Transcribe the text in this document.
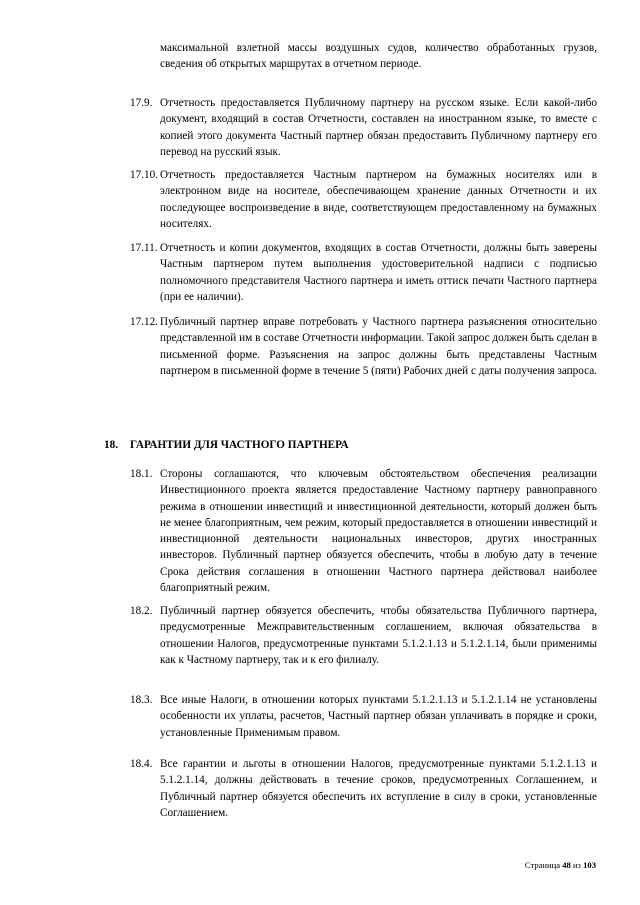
максимальной взлетной массы воздушных судов, количество обработанных грузов, сведения об открытых маршрутах в отчетном периоде.
17.9. Отчетность предоставляется Публичному партнеру на русском языке. Если какой-либо документ, входящий в состав Отчетности, составлен на иностранном языке, то вместе с копией этого документа Частный партнер обязан предоставить Публичному партнеру его перевод на русский язык.
17.10. Отчетность предоставляется Частным партнером на бумажных носителях или в электронном виде на носителе, обеспечивающем хранение данных Отчетности и их последующее воспроизведение в виде, соответствующем предоставленному на бумажных носителях.
17.11. Отчетность и копии документов, входящих в состав Отчетности, должны быть заверены Частным партнером путем выполнения удостоверительной надписи с подписью полномочного представителя Частного партнера и иметь оттиск печати Частного партнера (при ее наличии).
17.12. Публичный партнер вправе потребовать у Частного партнера разъяснения относительно представленной им в составе Отчетности информации. Такой запрос должен быть сделан в письменной форме. Разъяснения на запрос должны быть представлены Частным партнером в письменной форме в течение 5 (пяти) Рабочих дней с даты получения запроса.
18. ГАРАНТИИ ДЛЯ ЧАСТНОГО ПАРТНЕРА
18.1. Стороны соглашаются, что ключевым обстоятельством обеспечения реализации Инвестиционного проекта является предоставление Частному партнеру равноправного режима в отношении инвестиций и инвестиционной деятельности, который должен быть не менее благоприятным, чем режим, который предоставляется в отношении инвестиций и инвестиционной деятельности национальных инвесторов, других иностранных инвесторов. Публичный партнер обязуется обеспечить, чтобы в любую дату в течение Срока действия соглашения в отношении Частного партнера действовал наиболее благоприятный режим.
18.2. Публичный партнер обязуется обеспечить, чтобы обязательства Публичного партнера, предусмотренные Межправительственным соглашением, включая обязательства в отношении Налогов, предусмотренные пунктами 5.1.2.1.13 и 5.1.2.1.14, были применимы как к Частному партнеру, так и к его филиалу.
18.3. Все иные Налоги, в отношении которых пунктами 5.1.2.1.13 и 5.1.2.1.14 не установлены особенности их уплаты, расчетов, Частный партнер обязан уплачивать в порядке и сроки, установленные Применимым правом.
18.4. Все гарантии и льготы в отношении Налогов, предусмотренные пунктами 5.1.2.1.13 и 5.1.2.1.14, должны действовать в течение сроков, предусмотренных Соглашением, и Публичный партнер обязуется обеспечить их вступление в силу в сроки, установленные Соглашением.
Страница 48 из 103
